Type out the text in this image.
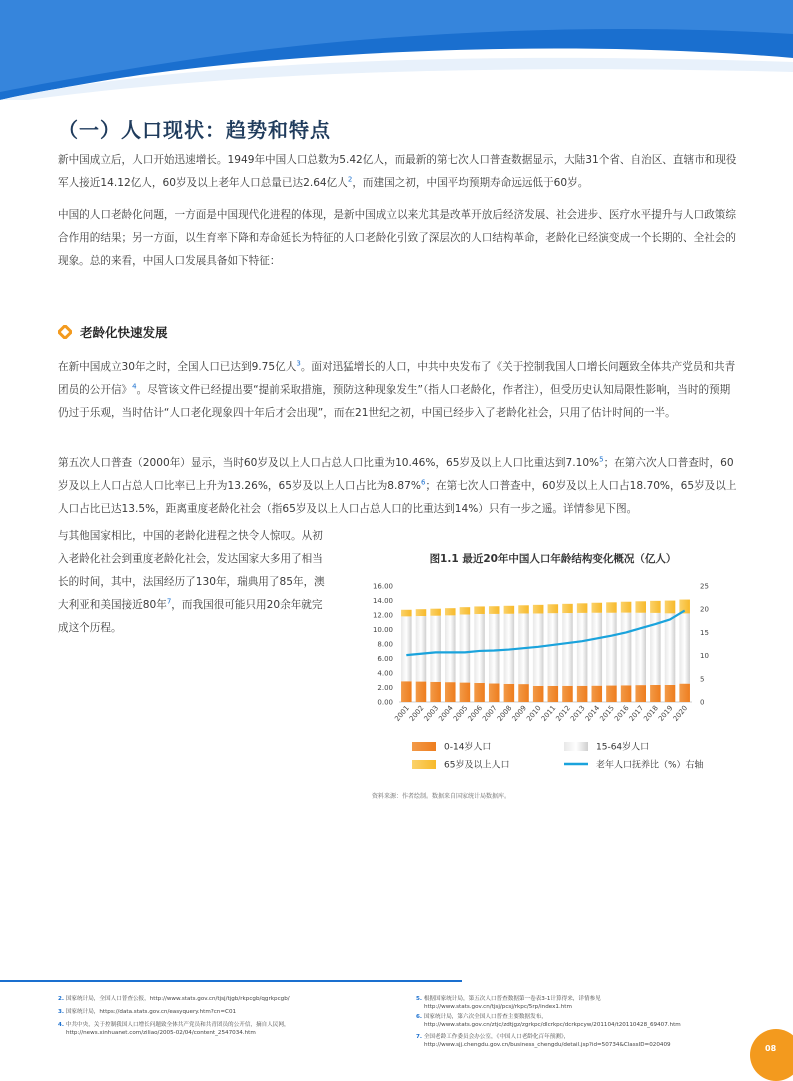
（一）人口现状：趋势和特点

新中国成立后，人口开始迅速增长。1949年中国人口总数为5.42亿人，而最新的第七次人口普查数据显示，大陆31个省、自治区、直辖市和现役军人接近14.12亿人，60岁及以上老年人口总量已达2.64亿人$^2$，而建国之初，中国平均预期寿命远远低于60岁。

中国的人口老龄化问题，一方面是中国现代化进程的体现，是新中国成立以来尤其是改革开放后经济发展、社会进步、医疗水平提升与人口政策综合作用的结果；另一方面，以生育率下降和寿命延长为特征的人口老龄化引致了深层次的人口结构革命，老龄化已经演变成一个长期的、全社会的现象。总的来看，中国人口发展具备如下特征：

老龄化快速发展

在新中国成立30年之时，全国人口已达到9.75亿人$^3$。面对迅猛增长的人口，中共中央发布了《关于控制我国人口增长问题致全体共产党员和共青团员的公开信》$^4$。尽管该文件已经提出要“提前采取措施，预防这种现象发生”（指人口老龄化，作者注），但受历史认知局限性影响，当时的预期仍过于乐观，当时估计“人口老化现象四十年后才会出现”，而在21世纪之初，中国已经步入了老龄化社会，只用了估计时间的一半。

第五次人口普查（2000年）显示，当时60岁及以上人口占总人口比重为10.46%，65岁及以上人口比重达到7.10%$^5$；在第六次人口普查时，60岁及以上人口占总人口比率已上升为13.26%，65岁及以上人口占比为8.87%$^6$；在第七次人口普查中，60岁及以上人口占18.70%，65岁及以上人口占比已达13.5%，距离重度老龄化社会（指65岁及以上人口占总人口的比重达到14%）只有一步之遥。详情参见下图。

与其他国家相比，中国的老龄化进程之快令人惊叹。从初入老龄化社会到重度老龄化社会，发达国家大多用了相当长的时间，其中，法国经历了130年，瑞典用了85年，澳大利亚和美国接近80年$^7$，而我国很可能只用20余年就完成这个历程。

图1.1 最近20年中国人口年龄结构变化概况（亿人）
0.00
2.00
4.00
6.00
8.00
10.00
12.00
14.00
16.00
0
5
10
15
20
25
2001
2002
2003
2004
2005
2006
2007
2008
2009
2010
2011
2012
2013
2014
2015
2016
2017
2018
2019
2020
0-14岁人口	15-64岁人口
65岁及以上人口	老年人口抚养比（%）右轴
资料来源：作者绘制。数据来自国家统计局数据库。
2. 国家统计局，全国人口普查公报，http://www.stats.gov.cn/tjsj/tjgb/rkpcgb/qgrkpcgb/
3. 国家统计局，https://data.stats.gov.cn/easyquery.htm?cn=C01
4. 中共中央，关于控制我国人口增长问题致全体共产党员和共青团员的公开信，摘自人民网，
http://news.xinhuanet.com/ziliao/2005-02/04/content_2547034.htm
5. 根据国家统计局，第五次人口普查数据第一卷表3-1计算得来，详情参见
http://www.stats.gov.cn/tjsj/pcsj/rkpc/5rp/index1.htm
6. 国家统计局，第六次全国人口普查主要数据发布，
http://www.stats.gov.cn/ztjc/zdtjgz/zgrkpc/dlcrkpc/dcrkpcyw/201104/t20110428_69407.htm
7. 全国老龄工作委员会办公室，《中国人口老龄化百年预测》，
http://www.sjj.chengdu.gov.cn/business_chengdu/detail.jsp?id=50734&ClassID=020409	08
